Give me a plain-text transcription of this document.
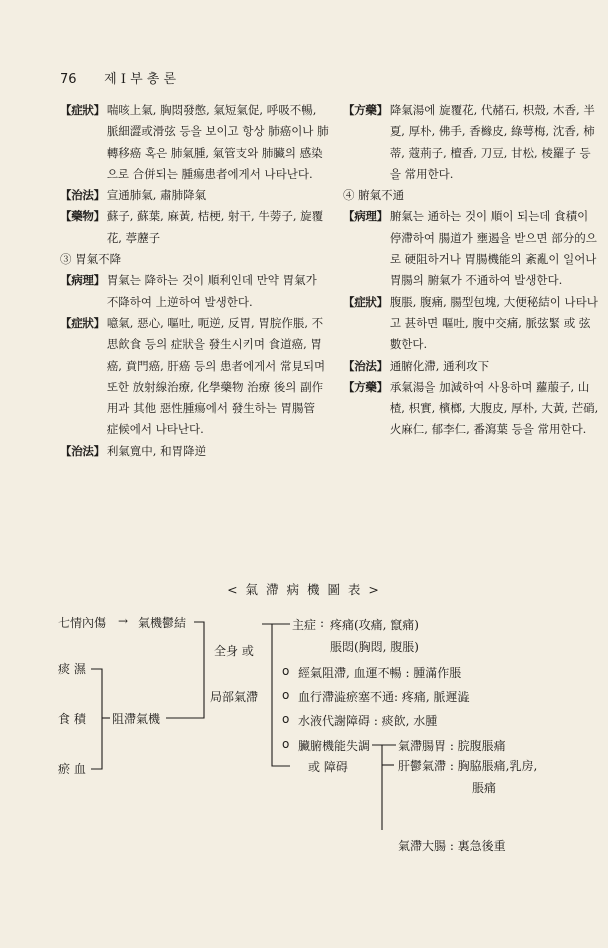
76 제 I 부 총 론
【症狀】 喘咳上氣, 胸悶發憋, 氣短氣促, 呼吸不暢, 脈細澀或滑弦 등을 보이고 항상 肺癌이나 肺轉移癌 혹은 肺氣腫, 氣管支와 肺臟의 感染으로 合併되는 腫瘍患者에게서 나타난다.
【治法】 宣通肺氣, 肅肺降氣
【藥物】 蘇子, 蘇葉, 麻黃, 桔梗, 射干, 牛蒡子, 旋覆花, 葶藶子
③ 胃氣不降
【病理】 胃氣는 降하는 것이 順利인데 만약 胃氣가 不降하여 上逆하여 발생한다.
【症狀】 噫氣, 惡心, 嘔吐, 呃逆, 反胃, 胃脘作脹, 不思飮食 등의 症狀을 發生시키며 食道癌, 胃癌, 賁門癌, 肝癌 등의 患者에게서 常見되며 또한 放射線治療, 化學藥物 治療 後의 副作用과 其他 惡性腫瘍에서 發生하는 胃腸管 症候에서 나타난다.
【治法】 利氣寬中, 和胃降逆
【方藥】 降氣湯에 旋覆花, 代赭石, 枳殼, 木香, 半夏, 厚朴, 佛手, 香櫞皮, 綠萼梅, 沈香, 柿蒂, 蔻荊子, 檀香, 刀豆, 甘松, 棱羅子 등을 常用한다.
④ 腑氣不通
【病理】 腑氣는 通하는 것이 順이 되는데 食積이 停滯하여 腸道가 壅遏을 받으면 部分的으로 硬阻하거나 胃腸機能의 紊亂이 일어나 胃腸의 腑氣가 不通하여 발생한다.
【症狀】 腹脹, 腹痛, 腸型包塊, 大便秘結이 나타나고 甚하면 嘔吐, 腹中交痛, 脈弦緊 或 弦數한다.
【治法】 通腑化滯, 通利攻下
【方藥】 承氣湯을 加減하여 사용하며 蘿菔子, 山楂, 枳實, 檳榔, 大腹皮, 厚朴, 大黃, 芒硝, 火麻仁, 郁李仁, 番瀉葉 등을 常用한다.
< 氣 滯 病 機 圖 表 >
七情內傷 → 氣機鬱結
痰 濕
食 積
瘀 血
阻滯氣機
全身 或
局部氣滯
主症 : 疼痛(攻痛, 竄痛)
脹悶(胸悶, 腹脹)
o 經氣阻滯, 血運不暢 : 腫滿作脹
o 血行滯澁瘀塞不通: 疼痛, 脈遲澁
o 水液代謝障碍 : 痰飮, 水腫
o 臟腑機能失調
或 障碍
氣滯腸胃 : 脘腹脹痛
肝鬱氣滯 : 胸脇脹痛,乳房,
脹痛
氣滯大腸 : 裏急後重
